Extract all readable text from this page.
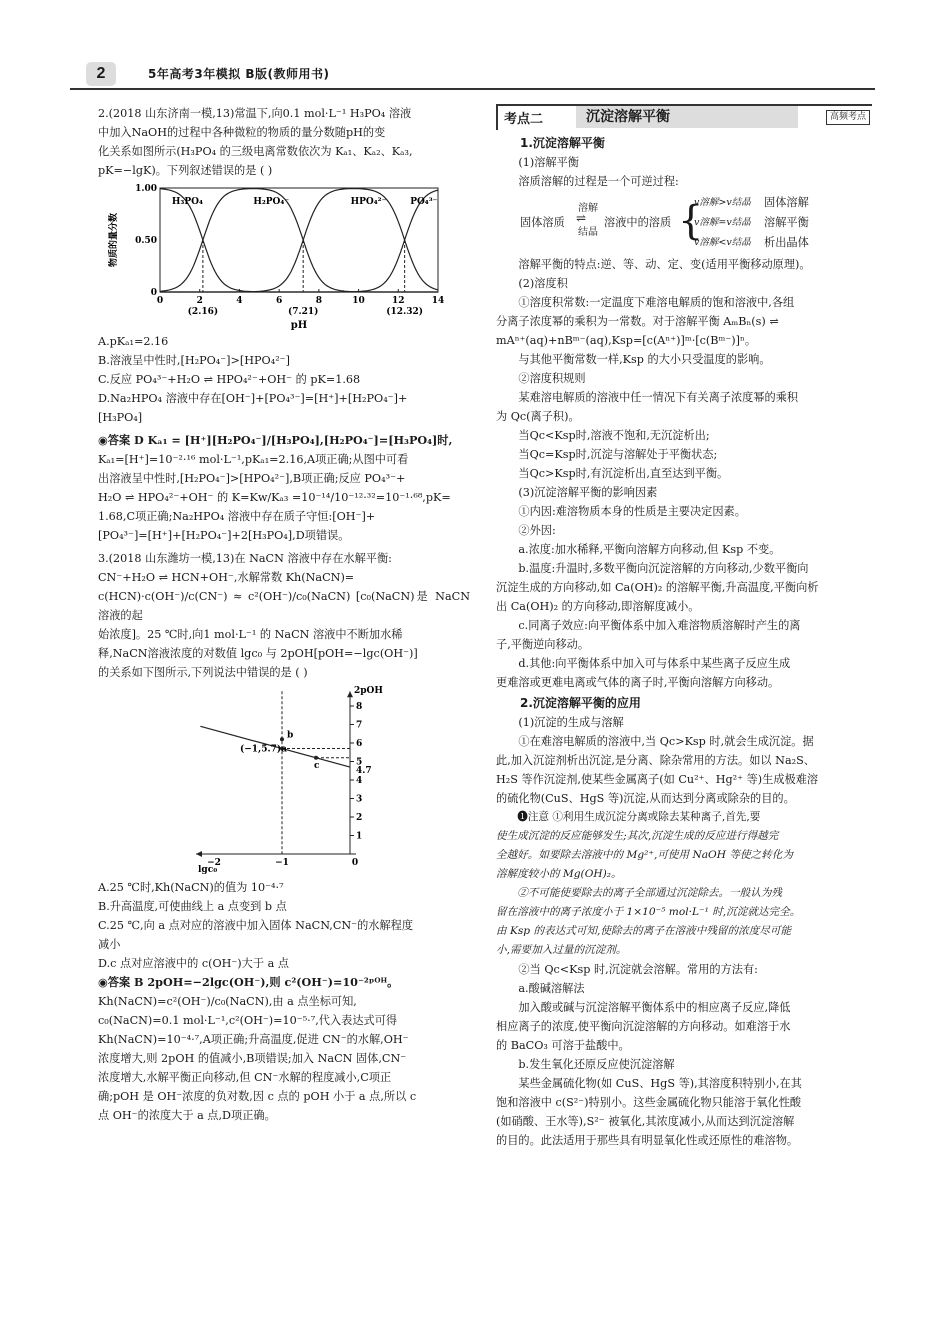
2	5年高考3年模拟 B版(教师用书)

2.(2018 山东济南一模,13)常温下,向0.1 mol·L⁻¹ H₃PO₄ 溶液

中加入NaOH的过程中各种微粒的物质的量分数随pH的变

化关系如图所示(H₃PO₄ 的三级电离常数依次为 Kₐ₁、Kₐ₂、Kₐ₃,

pK=−lgK)。下列叙述错误的是 ( )

0	2	4	6	8	10	12	14
0
0.50
1.00
pH
物质的量分数
(2.16)	(7.21)	(12.32)
H₃PO₄	H₂PO₄⁻	HPO₄²⁻	PO₄³⁻

A.pKₐ₁=2.16

B.溶液呈中性时,[H₂PO₄⁻]>[HPO₄²⁻]

C.反应 PO₄³⁻+H₂O ⇌ HPO₄²⁻+OH⁻ 的 pK=1.68

D.Na₂HPO₄ 溶液中存在[OH⁻]+[PO₄³⁻]=[H⁺]+[H₂PO₄⁻]+

[H₃PO₄]

◉答案 D Kₐ₁ = [H⁺][H₂PO₄⁻]/[H₃PO₄],[H₂PO₄⁻]=[H₃PO₄]时,

Kₐ₁=[H⁺]=10⁻²·¹⁶ mol·L⁻¹,pKₐ₁=2.16,A项正确;从图中可看

出溶液呈中性时,[H₂PO₄⁻]>[HPO₄²⁻],B项正确;反应 PO₄³⁻+

H₂O ⇌ HPO₄²⁻+OH⁻ 的 K=Kw/Kₐ₃ =10⁻¹⁴/10⁻¹²·³²=10⁻¹·⁶⁸,pK=

1.68,C项正确;Na₂HPO₄ 溶液中存在质子守恒:[OH⁻]+

[PO₄³⁻]=[H⁺]+[H₂PO₄⁻]+2[H₃PO₄],D项错误。

3.(2018 山东潍坊一模,13)在 NaCN 溶液中存在水解平衡:

CN⁻+H₂O ⇌ HCN+OH⁻,水解常数 Kh(NaCN)=

c(HCN)·c(OH⁻)/c(CN⁻) ≈ c²(OH⁻)/c₀(NaCN) [c₀(NaCN)是 NaCN 溶液的起

始浓度]。25 ℃时,向1 mol·L⁻¹ 的 NaCN 溶液中不断加水稀

释,NaCN溶液浓度的对数值 lgc₀ 与 2pOH[pOH=−lgc(OH⁻)]

的关系如下图所示,下列说法中错误的是 ( )

2pOH
lgc₀
1
2
3
4
5
6
7
8
4.7
−2	−1	0
b
c
(−1,5.7)a

A.25 ℃时,Kh(NaCN)的值为 10⁻⁴·⁷

B.升高温度,可使曲线上 a 点变到 b 点

C.25 ℃,向 a 点对应的溶液中加入固体 NaCN,CN⁻的水解程度

减小

D.c 点对应溶液中的 c(OH⁻)大于 a 点

◉答案 B 2pOH=−2lgc(OH⁻),则 c²(OH⁻)=10⁻²ᵖᴼᴴ。

Kh(NaCN)=c²(OH⁻)/c₀(NaCN),由 a 点坐标可知,

c₀(NaCN)=0.1 mol·L⁻¹,c²(OH⁻)=10⁻⁵·⁷,代入表达式可得

Kh(NaCN)=10⁻⁴·⁷,A项正确;升高温度,促进 CN⁻的水解,OH⁻

浓度增大,则 2pOH 的值减小,B项错误;加入 NaCN 固体,CN⁻

浓度增大,水解平衡正向移动,但 CN⁻水解的程度减小,C项正

确;pOH 是 OH⁻浓度的负对数,因 c 点的 pOH 小于 a 点,所以 c

点 OH⁻的浓度大于 a 点,D项正确。

考点二	沉淀溶解平衡	高频考点
1.沉淀溶解平衡

(1)溶解平衡

溶质溶解的过程是一个可逆过程:

固体溶质
溶解
⇌
结晶
溶液中的溶质 {
v溶解>v结晶
v溶解=v结晶
v溶解<v结晶
固体溶解
溶解平衡
析出晶体

溶解平衡的特点:逆、等、动、定、变(适用平衡移动原理)。

(2)溶度积

①溶度积常数:一定温度下难溶电解质的饱和溶液中,各组

分离子浓度幂的乘积为一常数。对于溶解平衡 AₘBₙ(s) ⇌

mAⁿ⁺(aq)+nBᵐ⁻(aq),Ksp=[c(Aⁿ⁺)]ᵐ·[c(Bᵐ⁻)]ⁿ。

与其他平衡常数一样,Ksp 的大小只受温度的影响。

②溶度积规则

某难溶电解质的溶液中任一情况下有关离子浓度幂的乘积

为 Qc(离子积)。

当Qc<Ksp时,溶液不饱和,无沉淀析出;

当Qc=Ksp时,沉淀与溶解处于平衡状态;

当Qc>Ksp时,有沉淀析出,直至达到平衡。

(3)沉淀溶解平衡的影响因素

①内因:难溶物质本身的性质是主要决定因素。

②外因:

a.浓度:加水稀释,平衡向溶解方向移动,但 Ksp 不变。

b.温度:升温时,多数平衡向沉淀溶解的方向移动,少数平衡向

沉淀生成的方向移动,如 Ca(OH)₂ 的溶解平衡,升高温度,平衡向析

出 Ca(OH)₂ 的方向移动,即溶解度减小。

c.同离子效应:向平衡体系中加入难溶物质溶解时产生的离

子,平衡逆向移动。

d.其他:向平衡体系中加入可与体系中某些离子反应生成

更难溶或更难电离或气体的离子时,平衡向溶解方向移动。

2.沉淀溶解平衡的应用

(1)沉淀的生成与溶解

①在难溶电解质的溶液中,当 Qc>Ksp 时,就会生成沉淀。据

此,加入沉淀剂析出沉淀,是分离、除杂常用的方法。如以 Na₂S、

H₂S 等作沉淀剂,使某些金属离子(如 Cu²⁺、Hg²⁺ 等)生成极难溶

的硫化物(CuS、HgS 等)沉淀,从而达到分离或除杂的目的。

❶注意 ①利用生成沉淀分离或除去某种离子,首先,要

使生成沉淀的反应能够发生;其次,沉淀生成的反应进行得越完

全越好。如要除去溶液中的 Mg²⁺,可使用 NaOH 等使之转化为

溶解度较小的 Mg(OH)₂。

②不可能使要除去的离子全部通过沉淀除去。一般认为残

留在溶液中的离子浓度小于 1×10⁻⁵ mol·L⁻¹ 时,沉淀就达完全。

由 Ksp 的表达式可知,使除去的离子在溶液中残留的浓度尽可能

小,需要加入过量的沉淀剂。

②当 Qc<Ksp 时,沉淀就会溶解。常用的方法有:

a.酸碱溶解法

加入酸或碱与沉淀溶解平衡体系中的相应离子反应,降低

相应离子的浓度,使平衡向沉淀溶解的方向移动。如难溶于水

的 BaCO₃ 可溶于盐酸中。

b.发生氧化还原反应使沉淀溶解

某些金属硫化物(如 CuS、HgS 等),其溶度积特别小,在其

饱和溶液中 c(S²⁻)特别小。这些金属硫化物只能溶于氧化性酸

(如硝酸、王水等),S²⁻ 被氧化,其浓度减小,从而达到沉淀溶解

的目的。此法适用于那些具有明显氧化性或还原性的难溶物。
